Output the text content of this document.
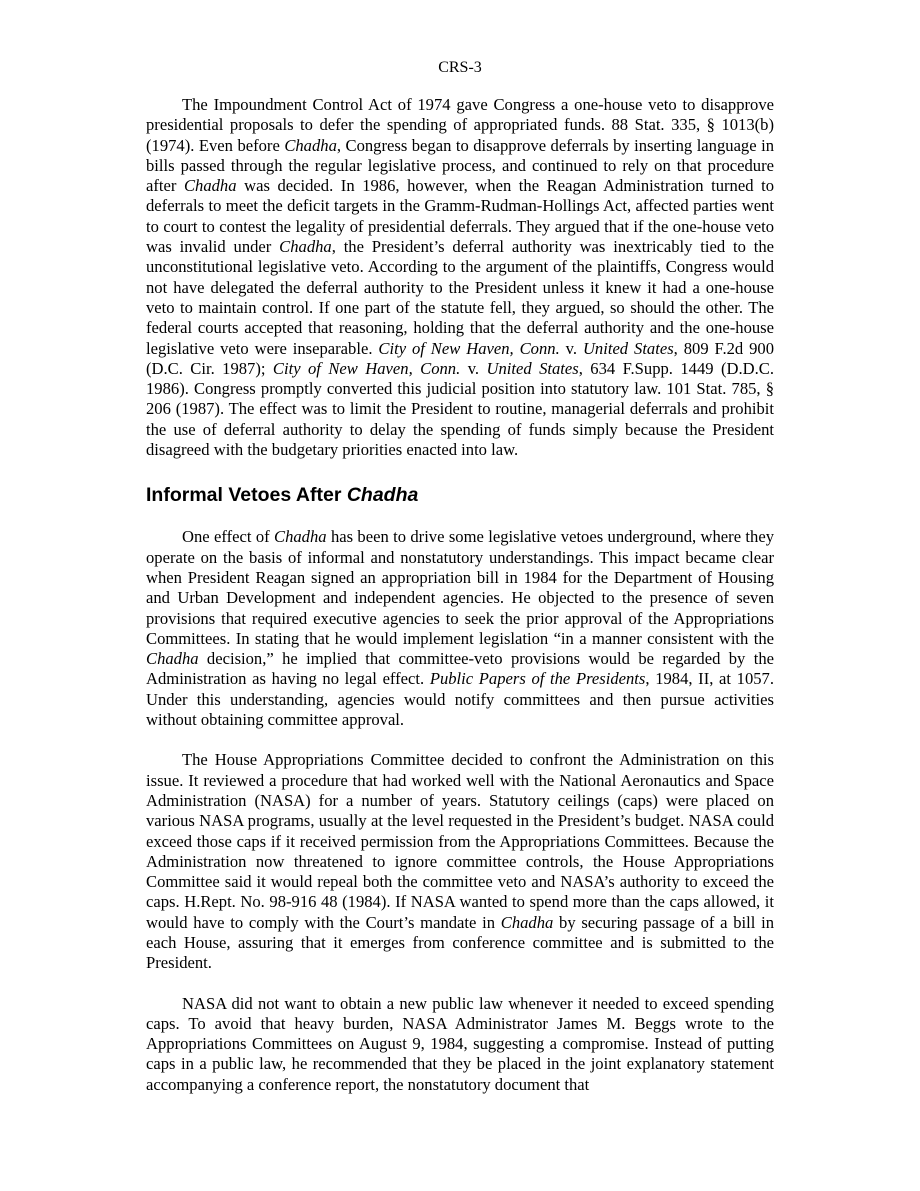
CRS-3

The Impoundment Control Act of 1974 gave Congress a one-house veto to disapprove presidential proposals to defer the spending of appropriated funds. 88 Stat. 335, § 1013(b) (1974). Even before Chadha, Congress began to disapprove deferrals by inserting language in bills passed through the regular legislative process, and continued to rely on that procedure after Chadha was decided. In 1986, however, when the Reagan Administration turned to deferrals to meet the deficit targets in the Gramm-Rudman-Hollings Act, affected parties went to court to contest the legality of presidential deferrals. They argued that if the one-house veto was invalid under Chadha, the President’s deferral authority was inextricably tied to the unconstitutional legislative veto. According to the argument of the plaintiffs, Congress would not have delegated the deferral authority to the President unless it knew it had a one-house veto to maintain control. If one part of the statute fell, they argued, so should the other. The federal courts accepted that reasoning, holding that the deferral authority and the one-house legislative veto were inseparable. City of New Haven, Conn. v. United States, 809 F.2d 900 (D.C. Cir. 1987); City of New Haven, Conn. v. United States, 634 F.Supp. 1449 (D.D.C. 1986). Congress promptly converted this judicial position into statutory law. 101 Stat. 785, § 206 (1987). The effect was to limit the President to routine, managerial deferrals and prohibit the use of deferral authority to delay the spending of funds simply because the President disagreed with the budgetary priorities enacted into law.

Informal Vetoes After Chadha

One effect of Chadha has been to drive some legislative vetoes underground, where they operate on the basis of informal and nonstatutory understandings. This impact became clear when President Reagan signed an appropriation bill in 1984 for the Department of Housing and Urban Development and independent agencies. He objected to the presence of seven provisions that required executive agencies to seek the prior approval of the Appropriations Committees. In stating that he would implement legislation “in a manner consistent with the Chadha decision,” he implied that committee-veto provisions would be regarded by the Administration as having no legal effect. Public Papers of the Presidents, 1984, II, at 1057. Under this understanding, agencies would notify committees and then pursue activities without obtaining committee approval.

The House Appropriations Committee decided to confront the Administration on this issue. It reviewed a procedure that had worked well with the National Aeronautics and Space Administration (NASA) for a number of years. Statutory ceilings (caps) were placed on various NASA programs, usually at the level requested in the President’s budget. NASA could exceed those caps if it received permission from the Appropriations Committees. Because the Administration now threatened to ignore committee controls, the House Appropriations Committee said it would repeal both the committee veto and NASA’s authority to exceed the caps. H.Rept. No. 98-916 48 (1984). If NASA wanted to spend more than the caps allowed, it would have to comply with the Court’s mandate in Chadha by securing passage of a bill in each House, assuring that it emerges from conference committee and is submitted to the President.

NASA did not want to obtain a new public law whenever it needed to exceed spending caps. To avoid that heavy burden, NASA Administrator James M. Beggs wrote to the Appropriations Committees on August 9, 1984, suggesting a compromise. Instead of putting caps in a public law, he recommended that they be placed in the joint explanatory statement accompanying a conference report, the nonstatutory document that
